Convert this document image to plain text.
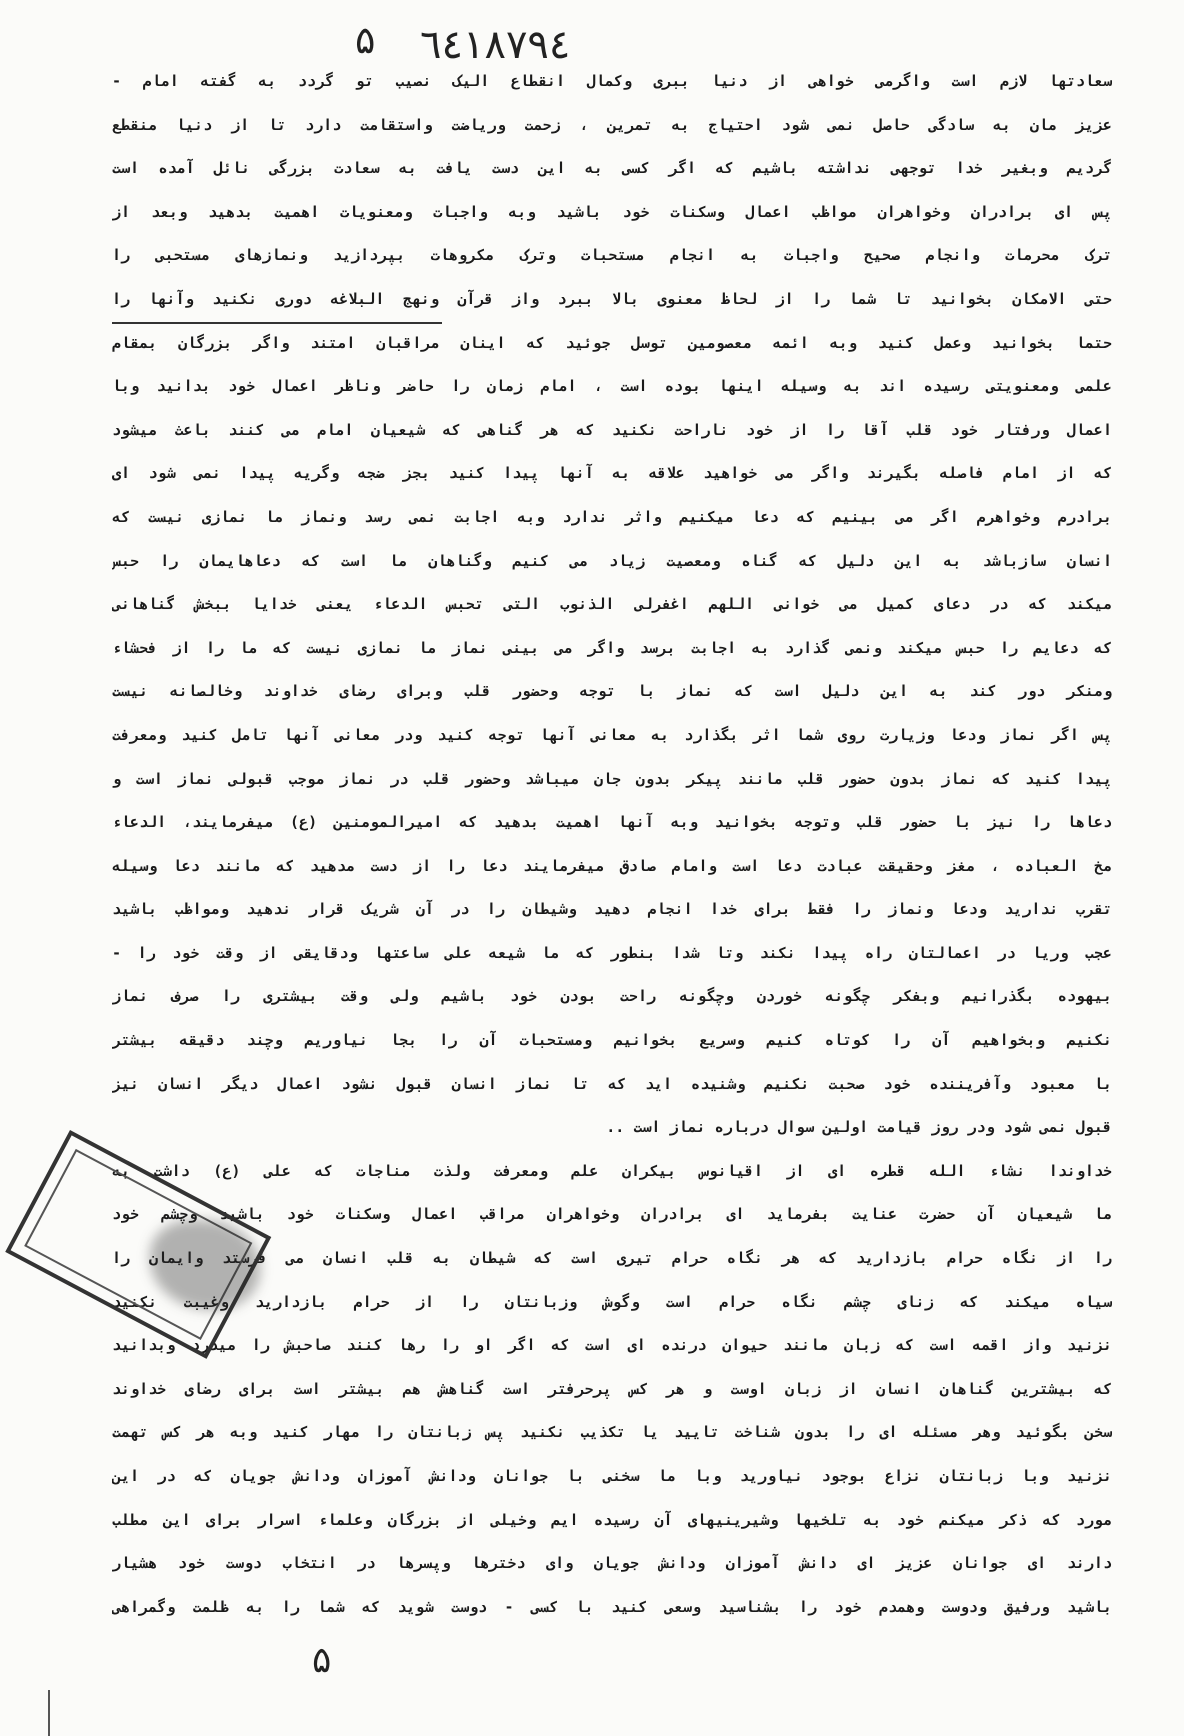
۵ ٦٤١٨٧٩٤
سعادتها لازم است واگرمی خواهی از دنیا ببری وکمال انقطاع الیک نصیب تو گردد به گفته امام -
عزیز مان به سادگی حاصل نمی شود احتیاج به تمرین ، زحمت وریاضت واستقامت دارد تا از دنیا منقطع
گردیم وبغیر خدا توجهی نداشته باشیم که اگر کسی به این دست یافت به سعادت بزرگی نائل آمده است
پس ای برادران وخواهران مواظب اعمال وسکنات خود باشید وبه واجبات ومعنویات اهمیت بدهید وبعد از
ترک محرمات وانجام صحیح واجبات به انجام مستحبات وترک مکروهات بپردازید ونمازهای مستحبی را
حتی الامکان بخوانید تا شما را از لحاظ معنوی بالا ببرد واز قرآن ونهج البلاغه دوری نکنید وآنها را
حتما بخوانید وعمل کنید وبه ائمه معصومین توسل جوئید که اینان مراقبان امتند واگر بزرگان بمقام
علمی ومعنویتی رسیده اند به وسیله اینها بوده است ، امام زمان را حاضر وناظر اعمال خود بدانید وبا
اعمال ورفتار خود قلب آقا را از خود ناراحت نکنید که هر گناهی که شیعیان امام می کنند باعث میشود
که از امام فاصله بگیرند واگر می خواهید علاقه به آنها پیدا کنید بجز ضجه وگریه پیدا نمی شود ای
برادرم وخواهرم اگر می بینیم که دعا میکنیم واثر ندارد وبه اجابت نمی رسد ونماز ما نمازی نیست که
انسان سازباشد به این دلیل که گناه ومعصیت زیاد می کنیم وگناهان ما است که دعاهایمان را حبس
میکند که در دعای کمیل می خوانی اللهم اغفرلی الذنوب التی تحبس الدعاء یعنی خدایا ببخش گناهانی
که دعایم را حبس میکند ونمی گذارد به اجابت برسد واگر می بینی نماز ما نمازی نیست که ما را از فحشاء
ومنکر دور کند به این دلیل است که نماز با توجه وحضور قلب وبرای رضای خداوند وخالصانه نیست
پس اگر نماز ودعا وزیارت روی شما اثر بگذارد به معانی آنها توجه کنید ودر معانی آنها تامل کنید ومعرفت
پیدا کنید که نماز بدون حضور قلب مانند پیکر بدون جان میباشد وحضور قلب در نماز موجب قبولی نماز است و
دعاها را نیز با حضور قلب وتوجه بخوانید وبه آنها اهمیت بدهید که امیرالمومنین (ع) میفرمایند، الدعاء
مخ العباده ، مغز وحقیقت عبادت دعا است وامام صادق میفرمایند دعا را از دست مدهید که مانند دعا وسیله
تقرب ندارید ودعا ونماز را فقط برای خدا انجام دهید وشیطان را در آن شریک قرار ندهید ومواظب باشید
عجب وریا در اعمالتان راه پیدا نکند وتا شدا بنطور که ما شیعه علی ساعتها ودقایقی از وقت خود را -
بیهوده بگذرانیم وبفکر چگونه خوردن وچگونه راحت بودن خود باشیم ولی وقت بیشتری را صرف نماز
نکنیم وبخواهیم آن را کوتاه کنیم وسریع بخوانیم ومستحبات آن را بجا نیاوریم وچند دقیقه بیشتر
با معبود وآفریننده خود صحبت نکنیم وشنیده اید که تا نماز انسان قبول نشود اعمال دیگر انسان نیز
قبول نمی شود ودر روز قیامت اولین سوال درباره نماز است ..
خداوندا نشاء الله قطره ای از اقیانوس بیکران علم ومعرفت ولذت مناجات که علی (ع) داشت به
ما شیعیان آن حضرت عنایت بفرماید ای برادران وخواهران مراقب اعمال وسکنات خود باشید وچشم خود
را از نگاه حرام بازدارید که هر نگاه حرام تیری است که شیطان به قلب انسان می فرستد وایمان را
سیاه میکند که زنای چشم نگاه حرام است وگوش وزبانتان را از حرام بازدارید وغیبت نکنید
نزنید واز اقمه است که زبان مانند حیوان درنده ای است که اگر او را رها کنند صاحبش را میدرد وبدانید
که بیشترین گناهان انسان از زبان اوست و هر کس پرحرفتر است گناهش هم بیشتر است برای رضای خداوند
سخن بگوئید وهر مسئله ای را بدون شناخت تایید یا تکذیب نکنید پس زبانتان را مهار کنید وبه هر کس تهمت
نزنید وبا زبانتان نزاع بوجود نیاورید وبا ما سخنی با جوانان ودانش آموزان ودانش جویان که در این
مورد که ذکر میکنم خود به تلخیها وشیرینیهای آن رسیده ایم وخیلی از بزرگان وعلماء اسرار برای این مطلب
دارند ای جوانان عزیز ای دانش آموزان ودانش جویان وای دخترها وپسرها در انتخاب دوست خود هشیار
باشید ورفیق ودوست وهمدم خود را بشناسید وسعی کنید با کسی - دوست شوید که شما را به ظلمت وگمراهی
۵
